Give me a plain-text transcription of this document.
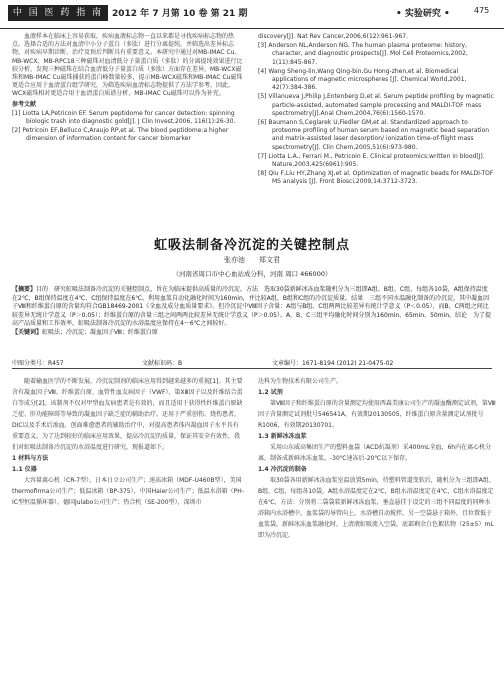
中 国 医 药 指 南 2012 年 7 月第 10 卷 第 21 期	• 实验研究 •	475

血液样本在临床上容易获取，疾病血液标志物一直以来都是寻找疾病标志物的热点。选择合适的方法对血清中小分子蛋白（多肽）进行分离提纯，并筛选出差异标志物，对疾病早期诊断、治疗及预后判断具有重要意义。本研究中通过对MB-IMAC Cu、MB-WCX、MB-RPC18三种磁珠对血清低分子量蛋白质（多肽）的分离提纯效果进行比较分析，发现三种磁珠在结合血清低分子量蛋白质（多肽）方面存在差异，MB-WCX磁珠和MB-IMAC Cu磁珠捕获的蛋白峰数量较多，提示MB-WCX磁珠和MB-IMAC Cu磁珠更适合应用于血清蛋白组学研究，为筛选疾病血清标志物提供了方法学参考。因此，WCX磁珠相对更适合用于血清蛋白质谱分析，MB-IMAC Cu磁珠可以作为补充。

参考文献
[1] Liotta LA,Petricoin EF. Serum peptidome for cancer detection: spinning biologic trash into diagnostic gold[J]. J Clin Invest,2006, 116(1):26-30.
[2] Petricoin EF,Belluco C,Araujo RP,et al. The blood peptidome:a higher dimension of information content for cancer biomarker
discovery[J]. Nat Rev Cancer,2006,6(12):961-967.
[3] Anderson NL,Anderson NG. The human plasma proteome: history, character, and diagnostic prospects[J]. Mol Cell Proteomics,2002, 1(11):845-867.
[4] Wang Sheng-lin,Wang Qing-bin,Gu Hong-zhen,et al. Biomedical applications of magnetic microspheres [J]. Chemical World,2001, 42(7):384-386.
[5] Villanueva J,Philip J,Entenberg D,et al. Serum peptide profiling by magnetic particle-assisted, automated sample processing and MALDI-TOF mass spectrometry[J].Anal Chem,2004,76(6):1560-1570.
[6] Baumann S,Ceglarek U,Fiedler GM,et al. Standardized approach to proteome profiling of human serum based on magnetic bead separation and matrix-assisted laser desorption/ ionization time-of-flight mass spectrometry[J]. Clin Chem,2005,51(6):973-980.
[7] Liotta L.A., Ferrari M., Petricoin E. Clinical proteomics:written in blood[J]. Nature,2003,425(6961):905.
[8] Qiu F,Liu HY,Zhang XJ,et al. Optimization of magnetic beads for MALDI-TOF MS analysis [J]. Front Biosci,2009,14:3712-3723.
虹吸法制备冷沉淀的关键控制点
张亦池　　郑文君
（河南省周口市中心血站成分科，河南 周口 466000）
【摘要】目的　研究虹吸法制备冷沉淀的关键控制点，旨在为临床提供高质量的冷沉淀。方法　选取30袋新鲜冰冻血浆随机分为三组即A组、B组、C组，每组各10袋，A组保持温度在2℃，B组保持温度在4℃，C组保持温度在6℃。利用血浆自动化融化时间为160min，并比较A组，B组和C组的冷沉淀质量。结果　三组不同水温融化制备的冷沉淀，其中凝血因子Ⅷ和纤维蛋白原的含量均符合GB18469-2001《全血及成分血质量要求》。但冷沉淀中Ⅷ因子含量：A组与B组、C组两两比较差异有统计学意义（P＜0.05），而B、C两组之间比较差异无统计学意义（P＞0.05）；纤维蛋白原的含量三组之间两两比较差异无统计学意义（P＞0.05）。A、B、C三组平均融化时间分别为160min、65min、50min。结论　为了提高产品质量和工作效率，虹吸法制备冷沉淀的水浴温度应保持在4～6℃之间较好。
【关键词】虹吸法；冷沉淀；凝血因子Ⅷ；纤维蛋白原
中图分类号：R457	文献标识码：B	文章编号：1671-8194 (2012) 21-0475-02

随着输血医学的不断发展，冷沉淀制剂的临床应用得到越来越多的重视[1]。其主要含有凝血因子Ⅷ、纤维蛋白原、血管性血友病因子（VWF）、第XⅢ因子以及纤维结合蛋白等成分[2]。该制剂不仅对甲型血友病患者是有效的，而且适用于获得性纤维蛋白原缺乏症、肝功能障碍等导致的凝血因子缺乏症的辅助治疗。还用于严重创伤、烧伤患者，DIC以及手术后渗血、创面难愈患者的辅助治疗中，对提高患者体内凝血因子水平具有重要意义。为了达到较好的临床应用效果，提高冷沉淀的质量，保证其安全有效性，我们对虹吸法制备冷沉淀的水浴温度进行研究，现报道如下。

1 材料与方法
1.1 仪器

大容量离心机（CR-7型），日本日立公司生产；速冻冰箱（MDF-U460B型），美国thermofirma公司生产；低温冰箱（BP-375），中国Haier公司生产；低温水浴箱（PH-IC型恒温循环器），德国Julabo公司生产；热合机（SE-200型），深圳市

达科为生物技术有限公司生产。

1.2 试剂

第Ⅷ因子和纤维蛋白原的含量测定均使用西森美康公司生产的凝血酶测定试剂，第Ⅷ因子含量测定试剂批号546541A，有效期20130505，纤维蛋白原含量测定试剂批号R1006，有效期20130701。

1.3 新鲜冰冻血浆

采用山东威高集团生产的塑料血袋（ACD抗凝剂）采400mL全血，6h内在离心机分离，制备成新鲜冰冻血浆，-30℃速冻后-20℃以下保存。

1.4 冷沉淀的制备

取30袋各用新鲜冰冻血浆室温放置5min，待塑料管道变软后，随机分为三组即A组、B组、C组，每组各10袋，A组水浴温度定在2℃，B组水浴温度定在4℃，C组水浴温度定在6℃，方法：分别将二袋袋装新鲜冰冻血浆，垂直悬挂于设定的三组不同温度的同种水浴箱内水浴槽中，血浆袋的导管向上，水浴槽自动搅拌，另一空袋悬于箱外，且位置低于血浆袋，新鲜冰冻血浆融化时，上清液虹吸流入空袋，底部剩余白色絮状物（25±5）mL即为冷沉淀。
